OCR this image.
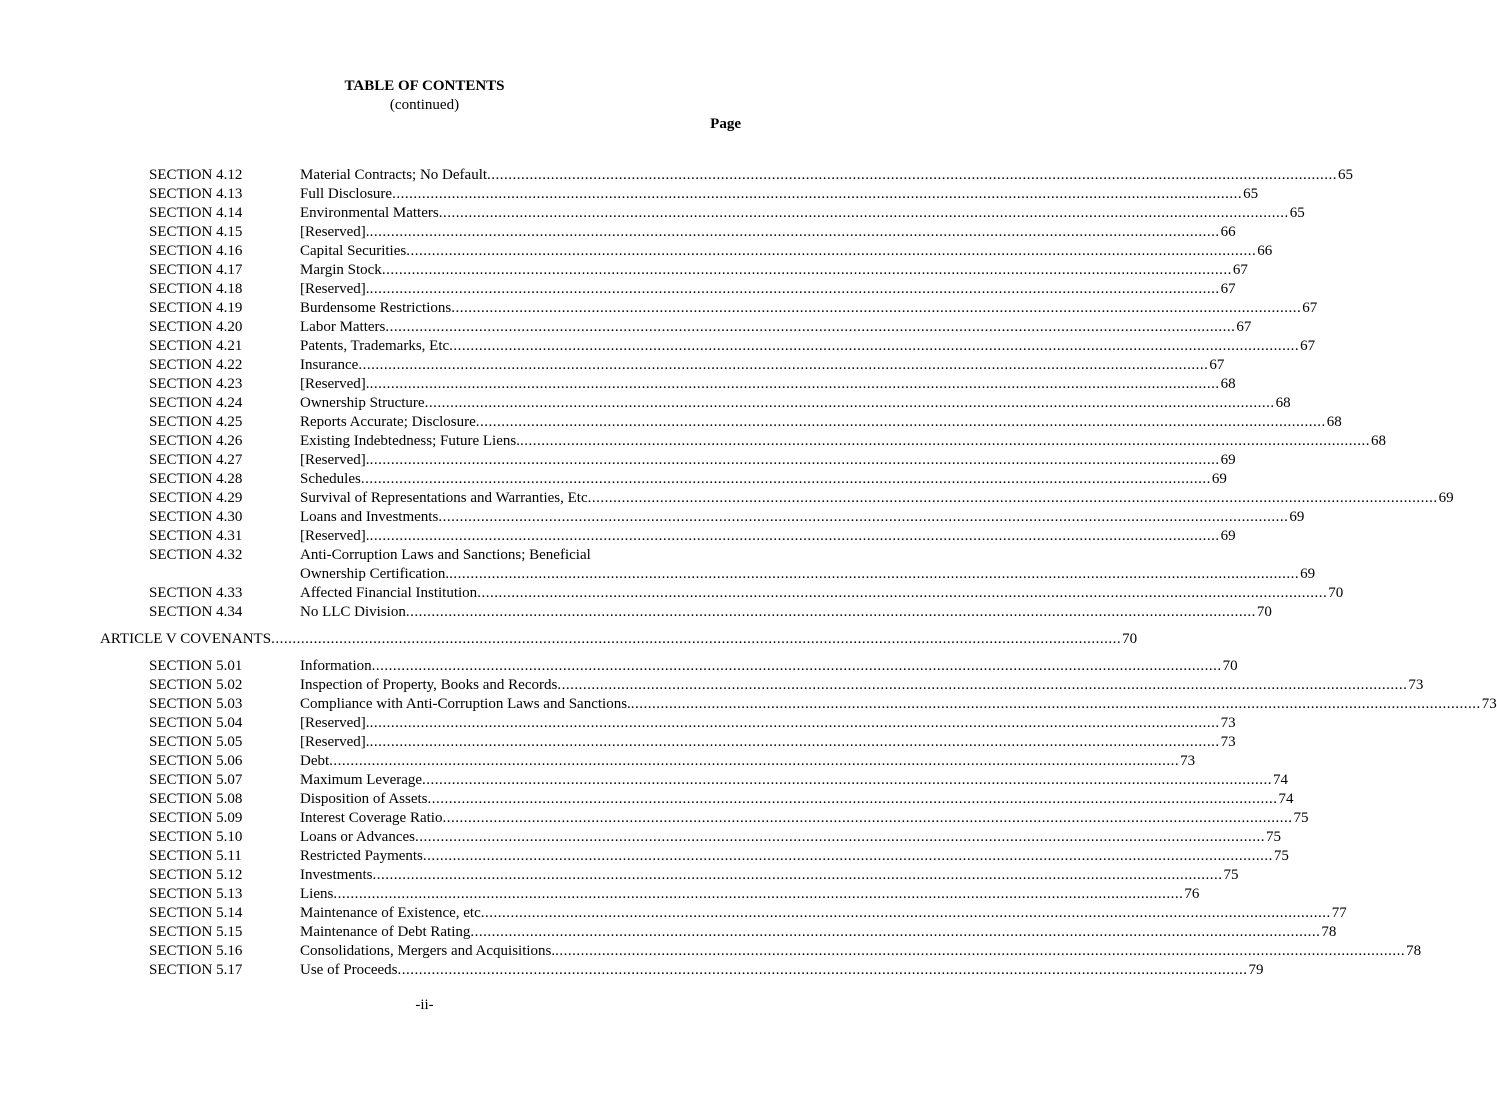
TABLE OF CONTENTS
(continued)
Page
SECTION 4.12	Material Contracts; No Default ........................................................................................................................................................................................................ 65
SECTION 4.13	Full Disclosure ........................................................................................................................................................................................................ 65
SECTION 4.14	Environmental Matters ........................................................................................................................................................................................................ 65
SECTION 4.15	[Reserved]. ........................................................................................................................................................................................................ 66
SECTION 4.16	Capital Securities ........................................................................................................................................................................................................ 66
SECTION 4.17	Margin Stock ........................................................................................................................................................................................................ 67
SECTION 4.18	[Reserved]. ........................................................................................................................................................................................................ 67
SECTION 4.19	Burdensome Restrictions ........................................................................................................................................................................................................ 67
SECTION 4.20	Labor Matters ........................................................................................................................................................................................................ 67
SECTION 4.21	Patents, Trademarks, Etc ........................................................................................................................................................................................................ 67
SECTION 4.22	Insurance ........................................................................................................................................................................................................ 67
SECTION 4.23	[Reserved]. ........................................................................................................................................................................................................ 68
SECTION 4.24	Ownership Structure ........................................................................................................................................................................................................ 68
SECTION 4.25	Reports Accurate; Disclosure ........................................................................................................................................................................................................ 68
SECTION 4.26	Existing Indebtedness; Future Liens. ........................................................................................................................................................................................................ 68
SECTION 4.27	[Reserved]. ........................................................................................................................................................................................................ 69
SECTION 4.28	Schedules ........................................................................................................................................................................................................ 69
SECTION 4.29	Survival of Representations and Warranties, Etc ........................................................................................................................................................................................................ 69
SECTION 4.30	Loans and Investments ........................................................................................................................................................................................................ 69
SECTION 4.31	[Reserved]. ........................................................................................................................................................................................................ 69
SECTION 4.32	Anti-Corruption Laws and Sanctions; Beneficial
Ownership Certification. ........................................................................................................................................................................................................ 69
SECTION 4.33	Affected Financial Institution ........................................................................................................................................................................................................ 70
SECTION 4.34	No LLC Division ........................................................................................................................................................................................................ 70
ARTICLE V COVENANTS ........................................................................................................................................................................................................ 70
SECTION 5.01	Information ........................................................................................................................................................................................................ 70
SECTION 5.02	Inspection of Property, Books and Records ........................................................................................................................................................................................................ 73
SECTION 5.03	Compliance with Anti-Corruption Laws and Sanctions. ........................................................................................................................................................................................................ 73
SECTION 5.04	[Reserved]. ........................................................................................................................................................................................................ 73
SECTION 5.05	[Reserved]. ........................................................................................................................................................................................................ 73
SECTION 5.06	Debt ........................................................................................................................................................................................................ 73
SECTION 5.07	Maximum Leverage ........................................................................................................................................................................................................ 74
SECTION 5.08	Disposition of Assets ........................................................................................................................................................................................................ 74
SECTION 5.09	Interest Coverage Ratio ........................................................................................................................................................................................................ 75
SECTION 5.10	Loans or Advances ........................................................................................................................................................................................................ 75
SECTION 5.11	Restricted Payments ........................................................................................................................................................................................................ 75
SECTION 5.12	Investments ........................................................................................................................................................................................................ 75
SECTION 5.13	Liens ........................................................................................................................................................................................................ 76
SECTION 5.14	Maintenance of Existence, etc ........................................................................................................................................................................................................ 77
SECTION 5.15	Maintenance of Debt Rating ........................................................................................................................................................................................................ 78
SECTION 5.16	Consolidations, Mergers and Acquisitions. ........................................................................................................................................................................................................ 78
SECTION 5.17	Use of Proceeds ........................................................................................................................................................................................................ 79
-ii-
